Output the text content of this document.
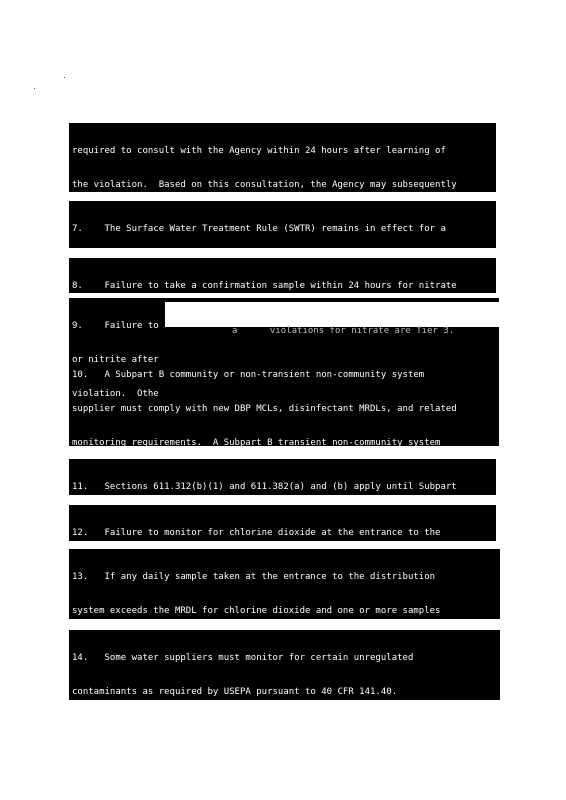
required to consult with the Agency within 24 hours after learning of

the violation.  Based on this consultation, the Agency may subsequently

7.    The Surface Water Treatment Rule (SWTR) remains in effect for a

8.    Failure to take a confirmation sample within 24 hours for nitrate

9.    Failure to

or nitrite after

violation.  Othe

10.   A Subpart B community or non-transient non-community system

supplier must comply with new DBP MCLs, disinfectant MRDLs, and related

monitoring requirements.  A Subpart B transient non-community system

a      violations for nitrate are Tier 3.

11.   Sections 611.312(b)(1) and 611.382(a) and (b) apply until Subpart

12.   Failure to monitor for chlorine dioxide at the entrance to the

13.   If any daily sample taken at the entrance to the distribution

system exceeds the MRDL for chlorine dioxide and one or more samples

14.   Some water suppliers must monitor for certain unregulated

contaminants as required by USEPA pursuant to 40 CFR 141.40.
